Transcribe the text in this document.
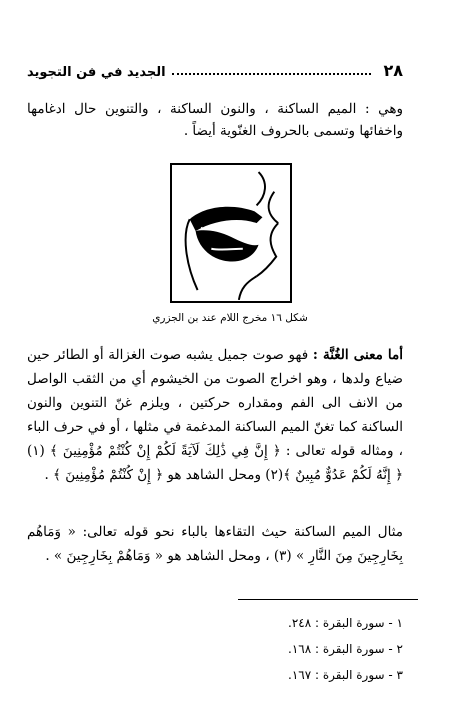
٢٨
الجديد في فن التجويد
وهي : الميم الساكنة ، والنون الساكنة ، والتنوين حال ادغامها واخفائها وتسمى بالحروف الغنّوية أيضاً .
شكل ١٦ مخرج اللام عند بن الجزري
أما معنى الغُنَّة : فهو صوت جميل يشبه صوت الغزالة أو الطائر حين ضياع ولدها ، وهو اخراج الصوت من الخيشوم أي من الثقب الواصل من الانف الى الفم ومقداره حركتين ، ويلزم غنّ التنوين والنون الساكنة كما تغنّ الميم الساكنة المدغمة في مثلها ، أو في حرف الباء ، ومثاله قوله تعالى : ﴿ إِنَّ فِي ذَٰلِكَ لَآيَةً لَكُمْ إِنْ كُنْتُمْ مُؤْمِنِينَ ﴾ (١) ﴿ إِنَّهُ لَكُمْ عَدُوٌّ مُبِينٌ ﴾(٢) ومحل الشاهد هو ﴿ إِنْ كُنْتُمْ مُؤْمِنِينَ ﴾ .
مثال الميم الساكنة حيث التقاءها بالباء نحو قوله تعالى: « وَمَاهُم بِخَارِجِينَ مِنَ النَّارِ » (٣) ، ومحل الشاهد هو « وَمَاهُمْ بِخَارِجِينَ » .
١ - سورة البقرة : ٢٤٨.
٢ - سورة البقرة : ١٦٨.
٣ - سورة البقرة : ١٦٧.
